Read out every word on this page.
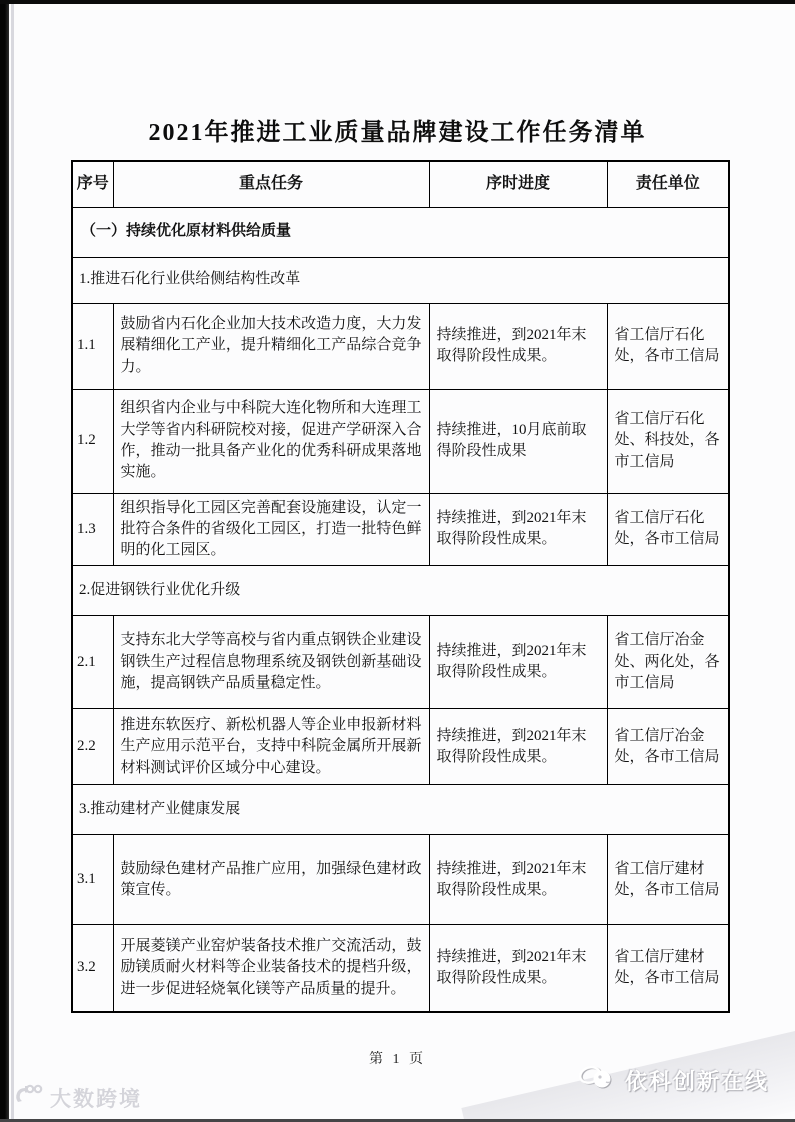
2021年推进工业质量品牌建设工作任务清单
序号	重点任务	序时进度	责任单位
（一）持续优化原材料供给质量			
1.推进石化行业供给侧结构性改革			
1.1	鼓励省内石化企业加大技术改造力度，大力发展精细化工产业，提升精细化工产品综合竞争力。	持续推进，到2021年末取得阶段性成果。	省工信厅石化处，各市工信局
1.2	组织省内企业与中科院大连化物所和大连理工大学等省内科研院校对接，促进产学研深入合作，推动一批具备产业化的优秀科研成果落地实施。	持续推进，10月底前取得阶段性成果	省工信厅石化处、科技处，各市工信局
1.3	组织指导化工园区完善配套设施建设，认定一批符合条件的省级化工园区，打造一批特色鲜明的化工园区。	持续推进，到2021年末取得阶段性成果。	省工信厅石化处，各市工信局
2.促进钢铁行业优化升级			
2.1	支持东北大学等高校与省内重点钢铁企业建设钢铁生产过程信息物理系统及钢铁创新基础设施，提高钢铁产品质量稳定性。	持续推进，到2021年末取得阶段性成果。	省工信厅冶金处、两化处，各市工信局
2.2	推进东软医疗、新松机器人等企业申报新材料生产应用示范平台，支持中科院金属所开展新材料测试评价区域分中心建设。	持续推进，到2021年末取得阶段性成果。	省工信厅冶金处，各市工信局
3.推动建材产业健康发展			
3.1	鼓励绿色建材产品推广应用，加强绿色建材政策宣传。	持续推进，到2021年末取得阶段性成果。	省工信厅建材处，各市工信局
3.2	开展菱镁产业窑炉装备技术推广交流活动，鼓励镁质耐火材料等企业装备技术的提档升级，进一步促进轻烧氧化镁等产品质量的提升。	持续推进，到2021年末取得阶段性成果。	省工信厅建材处，各市工信局
第 1 页
大数跨境
依科创新在线
